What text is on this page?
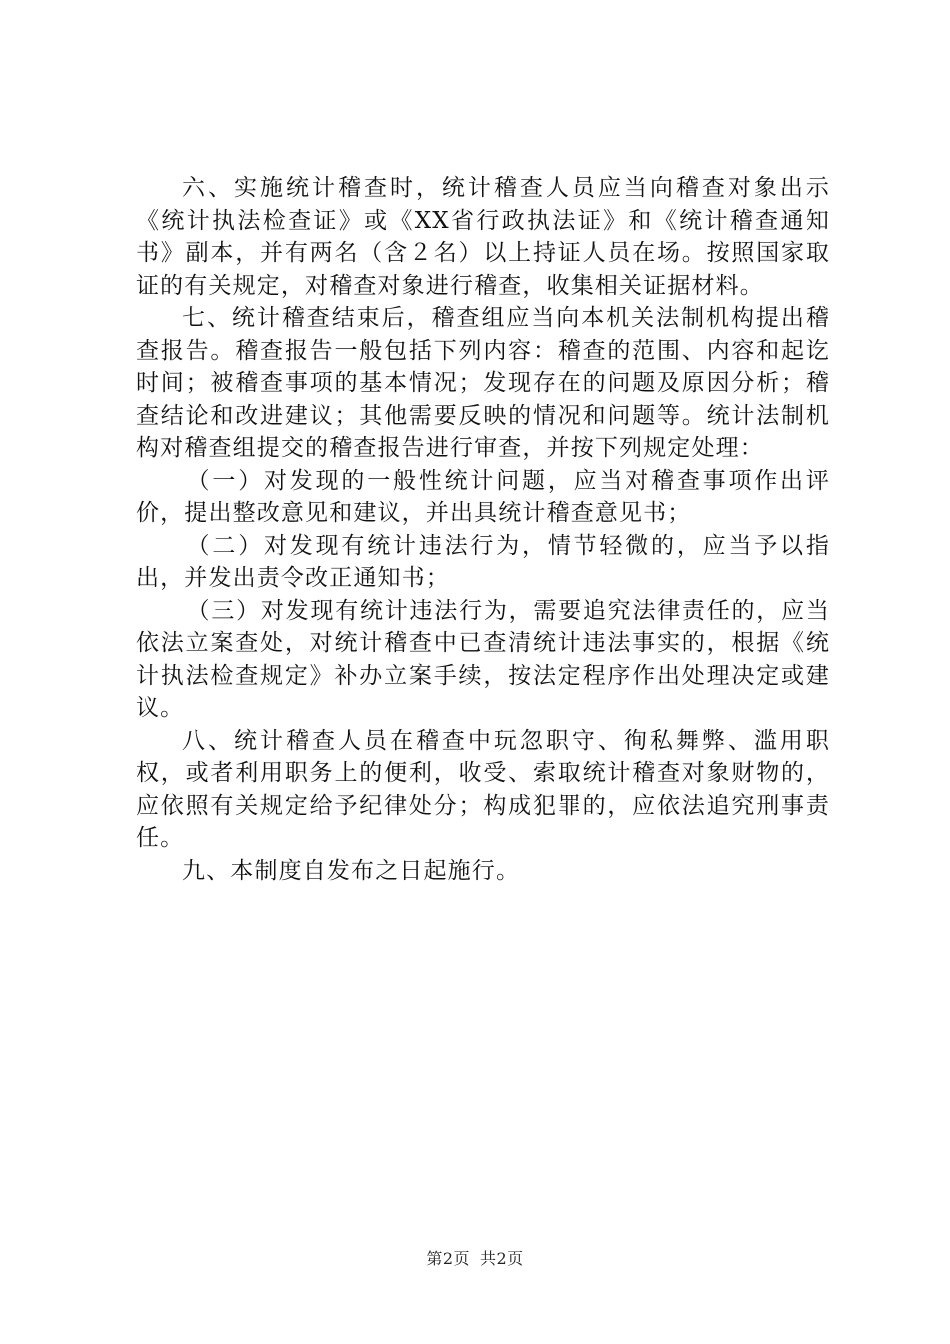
六、实施统计稽查时，统计稽查人员应当向稽查对象出示《统计执法检查证》或《XX省行政执法证》和《统计稽查通知书》副本，并有两名（含２名）以上持证人员在场。按照国家取证的有关规定，对稽查对象进行稽查，收集相关证据材料。

七、统计稽查结束后，稽查组应当向本机关法制机构提出稽查报告。稽查报告一般包括下列内容：稽查的范围、内容和起讫时间；被稽查事项的基本情况；发现存在的问题及原因分析；稽查结论和改进建议；其他需要反映的情况和问题等。统计法制机构对稽查组提交的稽查报告进行审查，并按下列规定处理：

（一）对发现的一般性统计问题，应当对稽查事项作出评价，提出整改意见和建议，并出具统计稽查意见书；

（二）对发现有统计违法行为，情节轻微的，应当予以指出，并发出责令改正通知书；

（三）对发现有统计违法行为，需要追究法律责任的，应当依法立案查处，对统计稽查中已查清统计违法事实的，根据《统计执法检查规定》补办立案手续，按法定程序作出处理决定或建议。

八、统计稽查人员在稽查中玩忽职守、徇私舞弊、滥用职权，或者利用职务上的便利，收受、索取统计稽查对象财物的，应依照有关规定给予纪律处分；构成犯罪的，应依法追究刑事责任。

九、本制度自发布之日起施行。

第2页 共2页
